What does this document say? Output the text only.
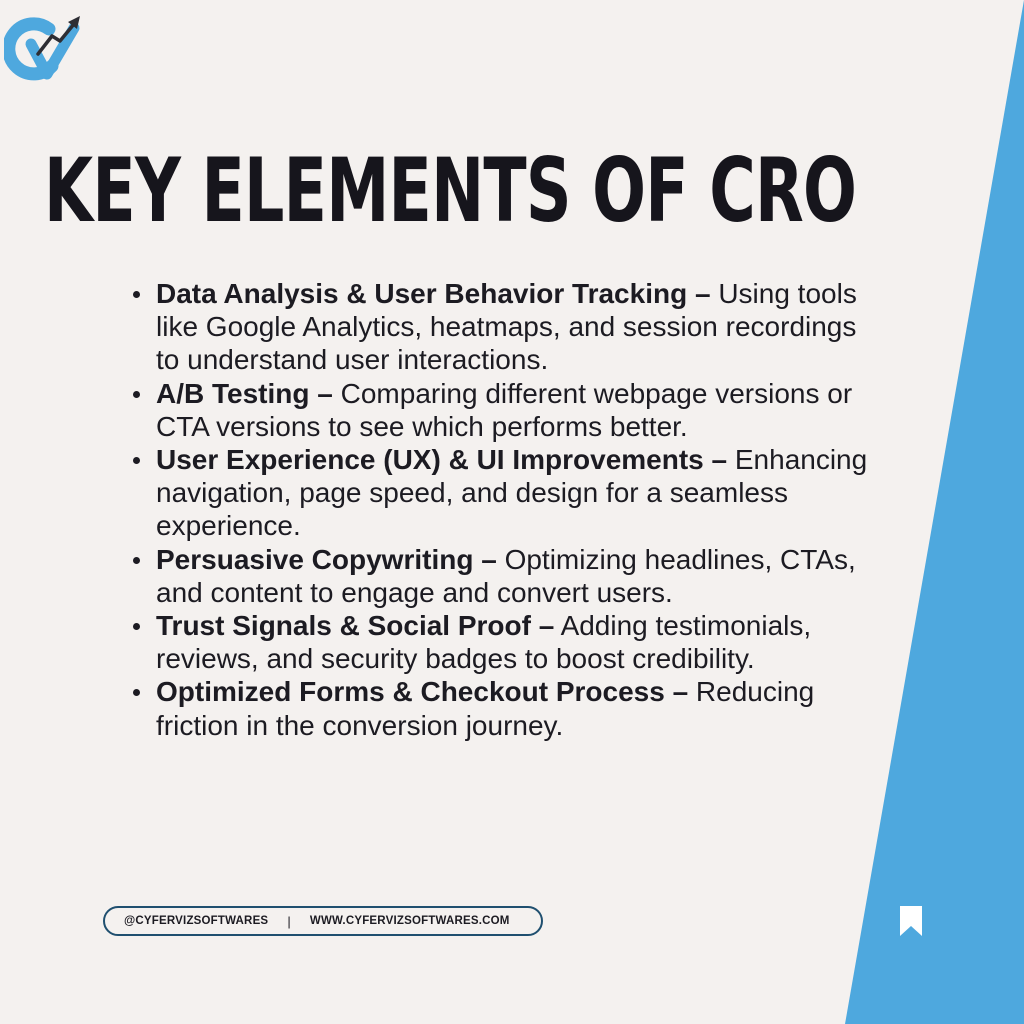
KEY ELEMENTS OF CRO
Data Analysis & User Behavior Tracking – Using tools like Google Analytics, heatmaps, and session recordings to understand user interactions.
A/B Testing – Comparing different webpage versions or CTA versions to see which performs better.
User Experience (UX) & UI Improvements – Enhancing navigation, page speed, and design for a seamless experience.
Persuasive Copywriting – Optimizing headlines, CTAs, and content to engage and convert users.
Trust Signals & Social Proof – Adding testimonials, reviews, and security badges to boost credibility.
Optimized Forms & Checkout Process – Reducing friction in the conversion journey.
@CYFERVIZSOFTWARES | WWW.CYFERVIZSOFTWARES.COM
